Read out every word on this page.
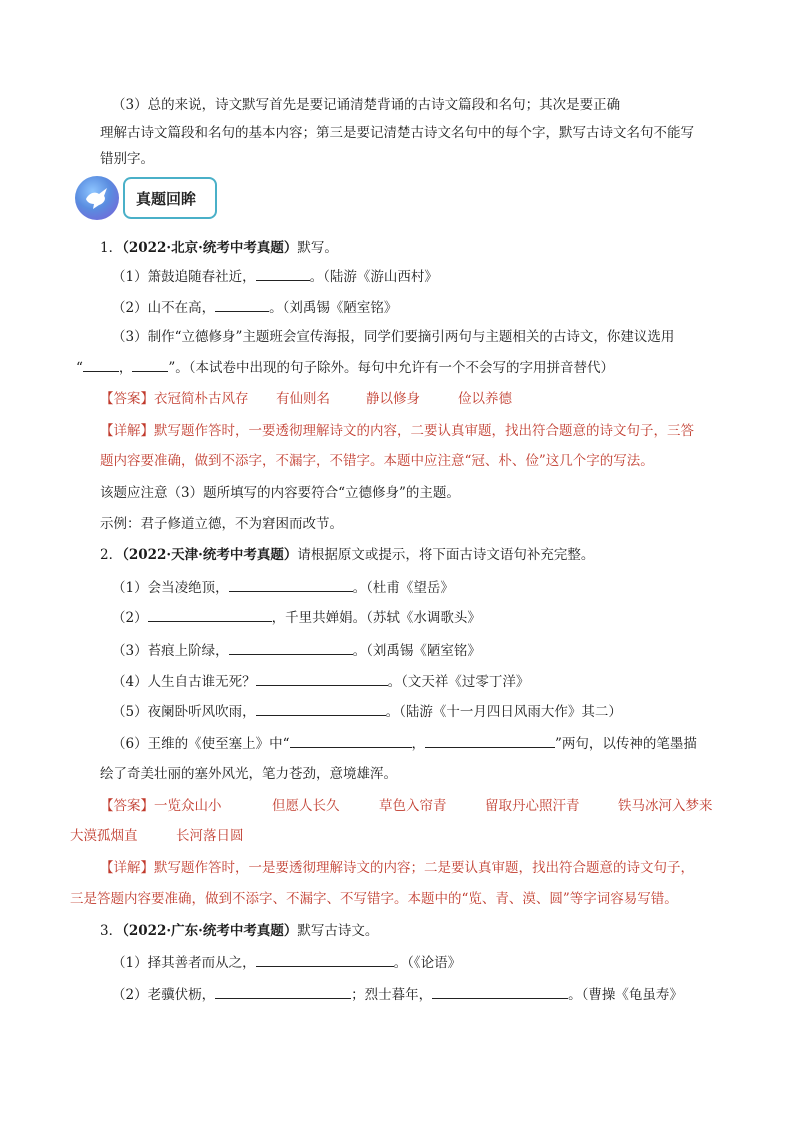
（3）总的来说，诗文默写首先是要记诵清楚背诵的古诗文篇段和名句；其次是要正确
理解古诗文篇段和名句的基本内容；第三是要记清楚古诗文名句中的每个字，默写古诗文名句不能写
错别字。
真题回眸
1．（2022·北京·统考中考真题）默写。
（1）箫鼓追随春社近，	。（陆游《游山西村》
（2）山不在高，	。（刘禹锡《陋室铭》
（3）制作“立德修身”主题班会宣传海报，同学们要摘引两句与主题相关的古诗文，你建议选用
“	，	”。（本试卷中出现的句子除外。每句中允许有一个不会写的字用拼音替代）
【答案】衣冠简朴古风存 有仙则名	静以修身	俭以养德
【详解】默写题作答时，一要透彻理解诗文的内容，二要认真审题，找出符合题意的诗文句子，三答
题内容要准确，做到不添字，不漏字，不错字。本题中应注意“冠、朴、俭”这几个字的写法。
该题应注意（3）题所填写的内容要符合“立德修身”的主题。
示例：君子修道立德，不为窘困而改节。
2．（2022·天津·统考中考真题）请根据原文或提示，将下面古诗文语句补充完整。
（1）会当凌绝顶，	。（杜甫《望岳》
（2）	，千里共婵娟。（苏轼《水调歌头》
（3）苔痕上阶绿，	。（刘禹锡《陋室铭》
（4）人生自古谁无死？	。（文天祥《过零丁洋》
（5）夜阑卧听风吹雨，	。（陆游《十一月四日风雨大作》其二）
（6）王维的《使至塞上》中“	，	”两句，以传神的笔墨描
绘了奇美壮丽的塞外风光，笔力苍劲，意境雄浑。
【答案】一览众山小	但愿人长久	草色入帘青	留取丹心照汗青	铁马冰河入梦来
大漠孤烟直	长河落日圆
【详解】默写题作答时，一是要透彻理解诗文的内容；二是要认真审题，找出符合题意的诗文句子，
三是答题内容要准确，做到不添字、不漏字、不写错字。本题中的“览、青、漠、圆”等字词容易写错。
3．（2022·广东·统考中考真题）默写古诗文。
（1）择其善者而从之，	。（《论语》
（2）老骥伏枥，	；烈士暮年，	。（曹操《龟虽寿》
